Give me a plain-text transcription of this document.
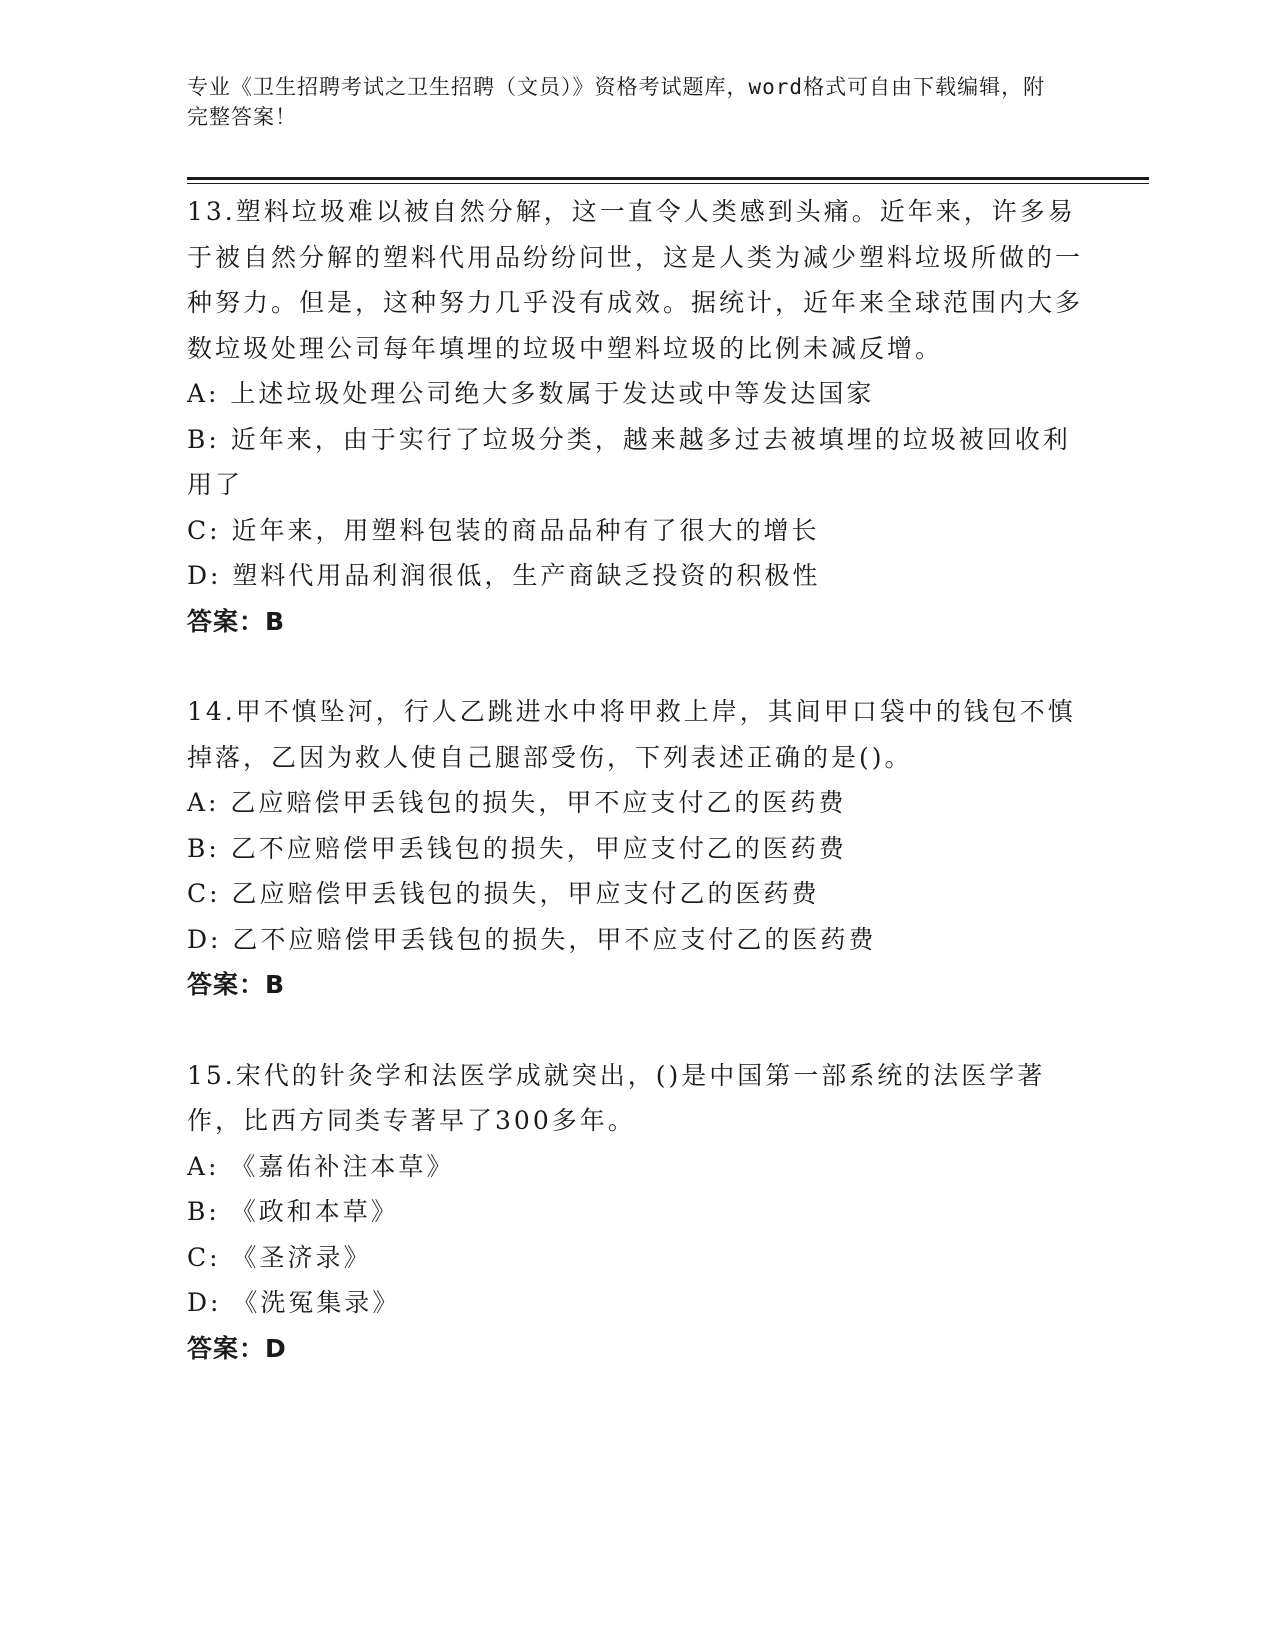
专业《卫生招聘考试之卫生招聘（文员）》资格考试题库，word格式可自由下载编辑，附完整答案！

13.塑料垃圾难以被自然分解，这一直令人类感到头痛。近年来，许多易于被自然分解的塑料代用品纷纷问世，这是人类为减少塑料垃圾所做的一种努力。但是，这种努力几乎没有成效。据统计，近年来全球范围内大多数垃圾处理公司每年填埋的垃圾中塑料垃圾的比例未减反增。

A: 上述垃圾处理公司绝大多数属于发达或中等发达国家

B: 近年来，由于实行了垃圾分类，越来越多过去被填埋的垃圾被回收利用了

C: 近年来，用塑料包装的商品品种有了很大的增长

D: 塑料代用品利润很低，生产商缺乏投资的积极性

答案：B

14.甲不慎坠河，行人乙跳进水中将甲救上岸，其间甲口袋中的钱包不慎掉落，乙因为救人使自己腿部受伤，下列表述正确的是()。

A: 乙应赔偿甲丢钱包的损失，甲不应支付乙的医药费

B: 乙不应赔偿甲丢钱包的损失，甲应支付乙的医药费

C: 乙应赔偿甲丢钱包的损失，甲应支付乙的医药费

D: 乙不应赔偿甲丢钱包的损失，甲不应支付乙的医药费

答案：B

15.宋代的针灸学和法医学成就突出，()是中国第一部系统的法医学著作，比西方同类专著早了300多年。

A: 《嘉佑补注本草》

B: 《政和本草》

C: 《圣济录》

D: 《洗冤集录》

答案：D
